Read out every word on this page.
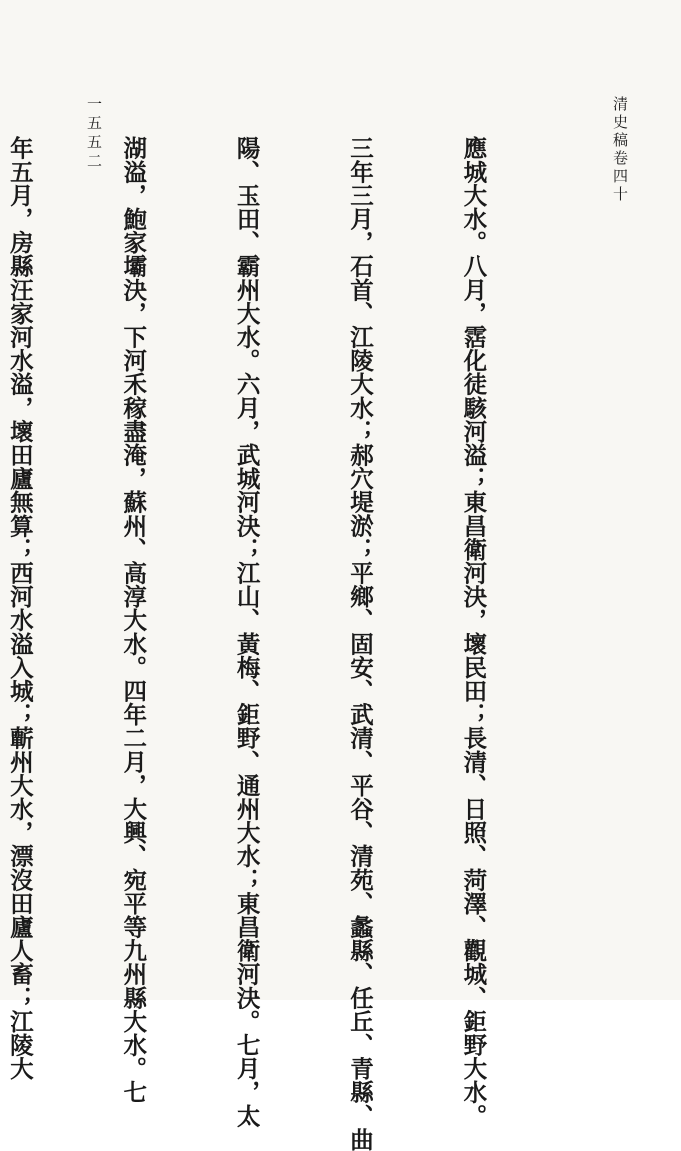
清史稿卷四十
一五五二

應城大水。八月，霑化徒駭河溢；東昌衛河決，壞民田；長清、日照、菏澤、觀城、鉅野大水。

三年三月，石首、江陵大水；郝穴堤淤；平鄉、固安、武清、平谷、清苑、蠡縣、任丘、青縣、曲

陽、玉田、霸州大水。六月，武城河決；江山、黃梅、鉅野、通州大水；東昌衛河決。七月，太

湖溢，鮑家壩決，下河禾稼盡淹，蘇州、高淳大水。四年二月，大興、宛平等九州縣大水。七

年五月，房縣汪家河水溢，壞田廬無算；西河水溢入城；蘄州大水，漂沒田廬人畜；江陵大
